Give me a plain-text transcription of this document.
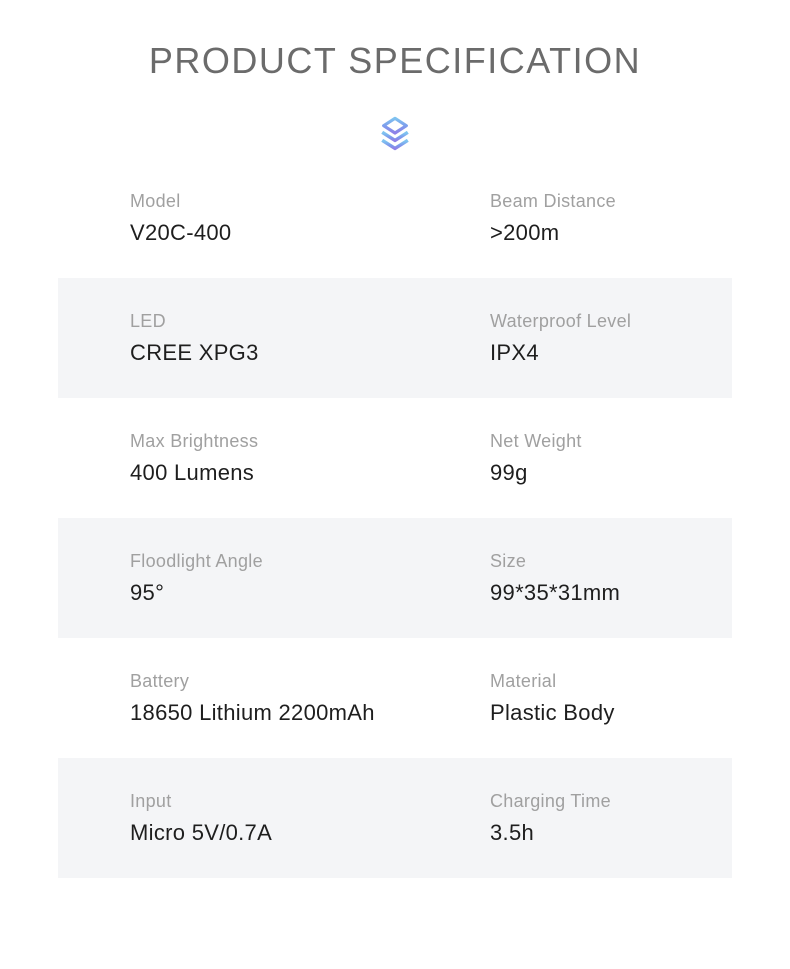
PRODUCT SPECIFICATION
Model
V20C-400
Beam Distance
>200m
LED
CREE XPG3
Waterproof Level
IPX4
Max Brightness
400 Lumens
Net Weight
99g
Floodlight Angle
95°
Size
99*35*31mm
Battery
18650 Lithium 2200mAh
Material
Plastic Body
Input
Micro 5V/0.7A
Charging Time
3.5h
